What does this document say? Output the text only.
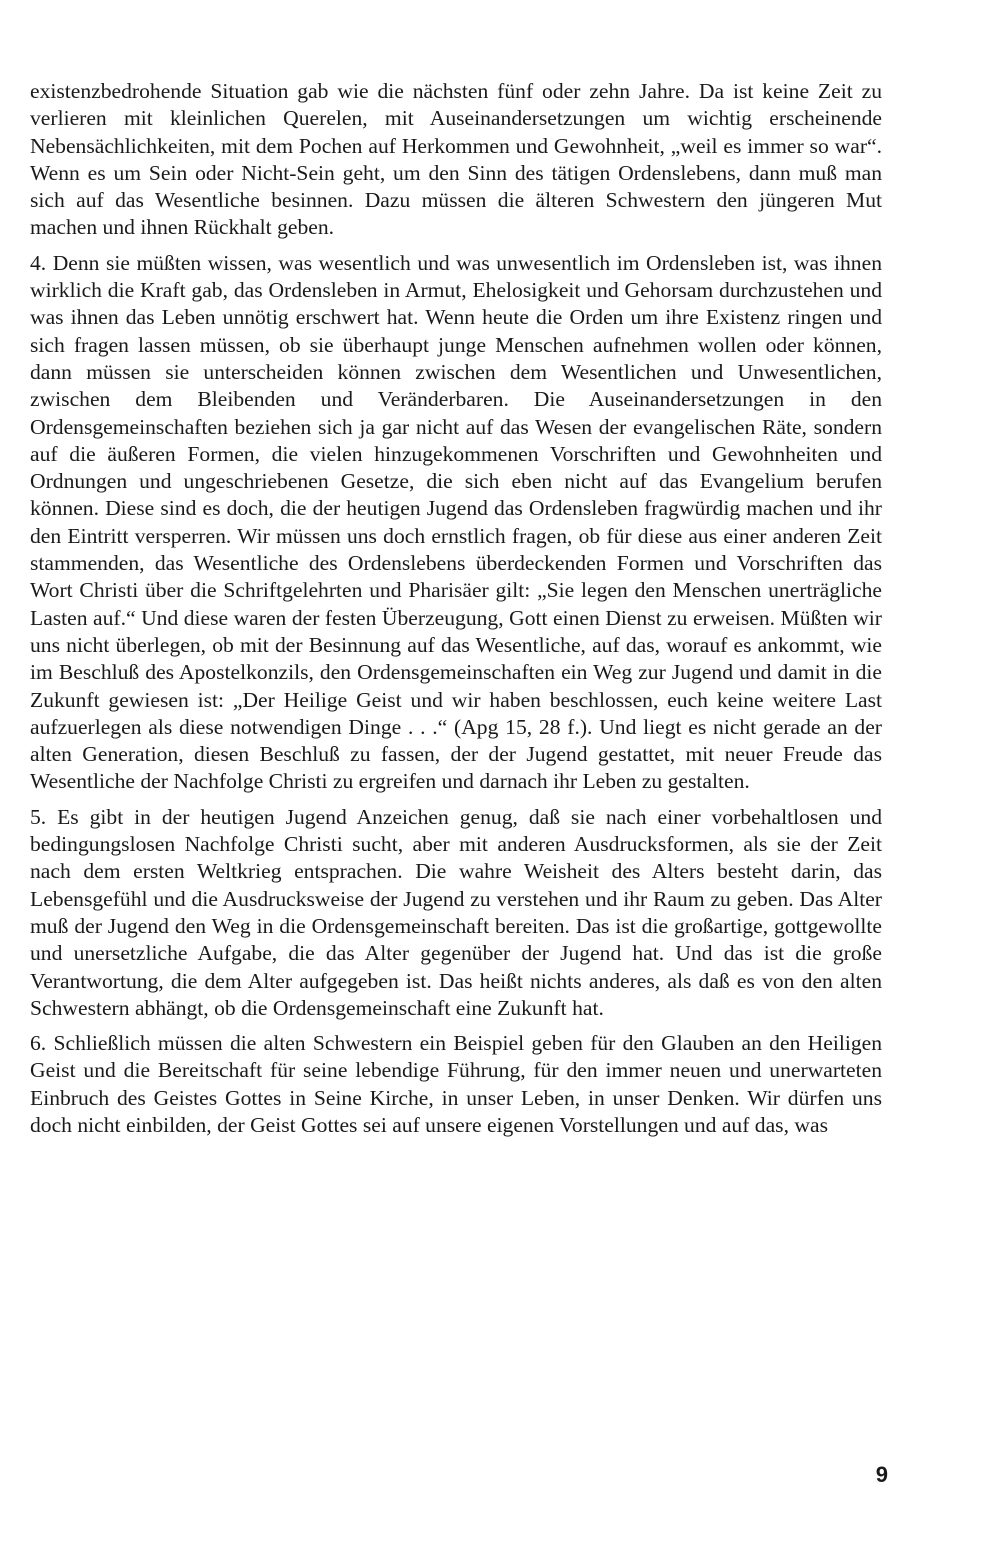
existenzbedrohende Situation gab wie die nächsten fünf oder zehn Jahre. Da ist keine Zeit zu verlieren mit kleinlichen Querelen, mit Auseinandersetzungen um wichtig erscheinende Nebensächlichkeiten, mit dem Pochen auf Herkommen und Gewohnheit, „weil es immer so war“. Wenn es um Sein oder Nicht-Sein geht, um den Sinn des tätigen Ordenslebens, dann muß man sich auf das Wesentliche besinnen. Dazu müssen die älteren Schwestern den jüngeren Mut machen und ihnen Rückhalt geben.

4. Denn sie müßten wissen, was wesentlich und was unwesentlich im Ordensleben ist, was ihnen wirklich die Kraft gab, das Ordensleben in Armut, Ehelosigkeit und Gehorsam durchzustehen und was ihnen das Leben unnötig erschwert hat. Wenn heute die Orden um ihre Existenz ringen und sich fragen lassen müssen, ob sie überhaupt junge Menschen aufnehmen wollen oder können, dann müssen sie unterscheiden können zwischen dem Wesentlichen und Unwesentlichen, zwischen dem Bleibenden und Veränderbaren. Die Auseinandersetzungen in den Ordensgemeinschaften beziehen sich ja gar nicht auf das Wesen der evangelischen Räte, sondern auf die äußeren Formen, die vielen hinzugekommenen Vorschriften und Gewohnheiten und Ordnungen und ungeschriebenen Gesetze, die sich eben nicht auf das Evangelium berufen können. Diese sind es doch, die der heutigen Jugend das Ordensleben fragwürdig machen und ihr den Eintritt versperren. Wir müssen uns doch ernstlich fragen, ob für diese aus einer anderen Zeit stammenden, das Wesentliche des Ordenslebens überdeckenden Formen und Vorschriften das Wort Christi über die Schriftgelehrten und Pharisäer gilt: „Sie legen den Menschen unerträgliche Lasten auf.“ Und diese waren der festen Überzeugung, Gott einen Dienst zu erweisen. Müßten wir uns nicht überlegen, ob mit der Besinnung auf das Wesentliche, auf das, worauf es ankommt, wie im Beschluß des Apostelkonzils, den Ordensgemeinschaften ein Weg zur Jugend und damit in die Zukunft gewiesen ist: „Der Heilige Geist und wir haben beschlossen, euch keine weitere Last aufzuerlegen als diese notwendigen Dinge . . .“ (Apg 15, 28 f.). Und liegt es nicht gerade an der alten Generation, diesen Beschluß zu fassen, der der Jugend gestattet, mit neuer Freude das Wesentliche der Nachfolge Christi zu ergreifen und darnach ihr Leben zu gestalten.

5. Es gibt in der heutigen Jugend Anzeichen genug, daß sie nach einer vorbehaltlosen und bedingungslosen Nachfolge Christi sucht, aber mit anderen Ausdrucksformen, als sie der Zeit nach dem ersten Weltkrieg entsprachen. Die wahre Weisheit des Alters besteht darin, das Lebensgefühl und die Ausdrucksweise der Jugend zu verstehen und ihr Raum zu geben. Das Alter muß der Jugend den Weg in die Ordensgemeinschaft bereiten. Das ist die großartige, gottgewollte und unersetzliche Aufgabe, die das Alter gegenüber der Jugend hat. Und das ist die große Verantwortung, die dem Alter aufgegeben ist. Das heißt nichts anderes, als daß es von den alten Schwestern abhängt, ob die Ordensgemeinschaft eine Zukunft hat.

6. Schließlich müssen die alten Schwestern ein Beispiel geben für den Glauben an den Heiligen Geist und die Bereitschaft für seine lebendige Führung, für den immer neuen und unerwarteten Einbruch des Geistes Gottes in Seine Kirche, in unser Leben, in unser Denken. Wir dürfen uns doch nicht einbilden, der Geist Gottes sei auf unsere eigenen Vorstellungen und auf das, was

9
